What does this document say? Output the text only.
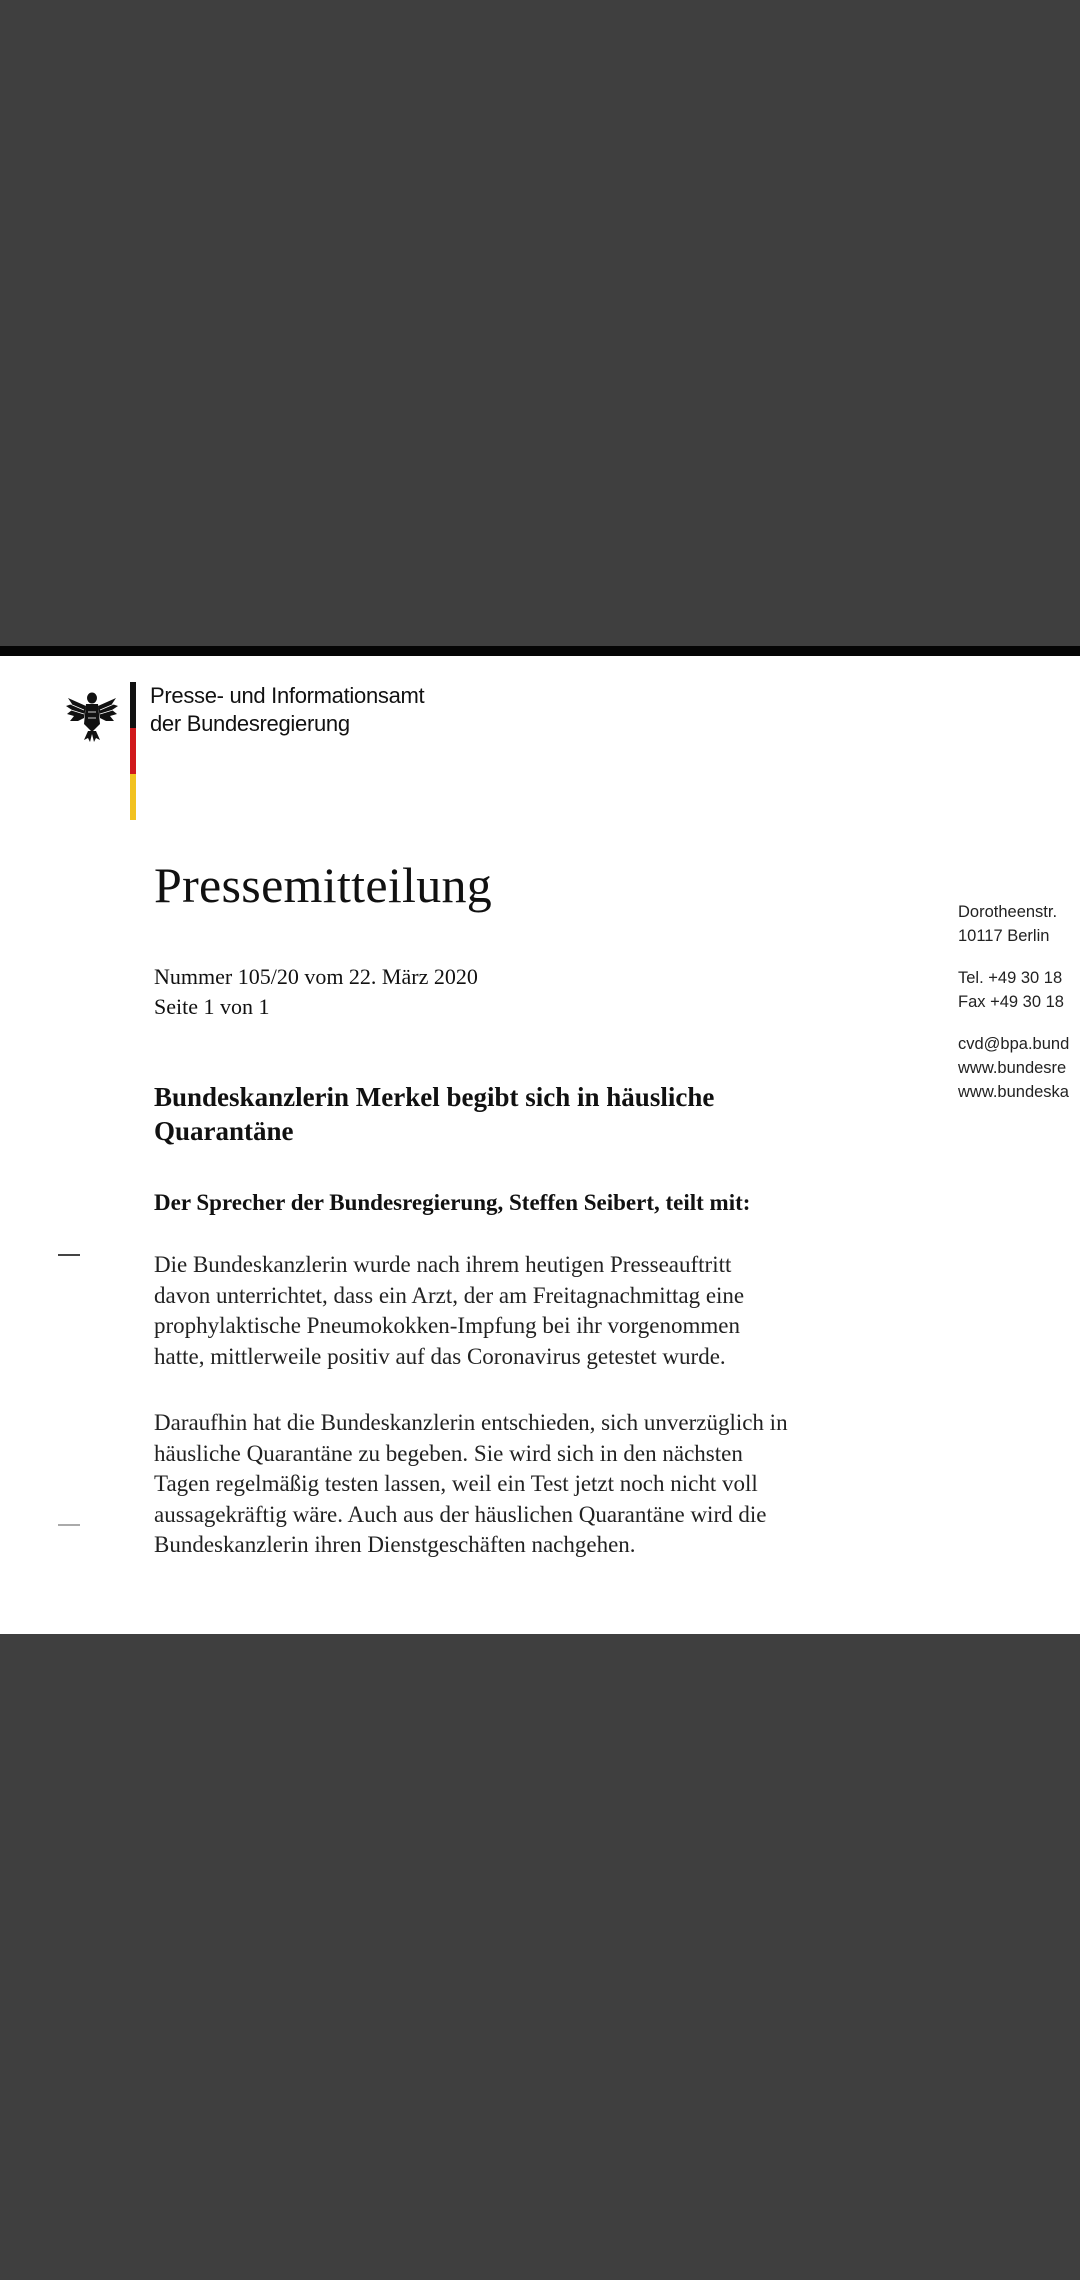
Presse- und Informationsamt
der Bundesregierung
Pressemitteilung
Nummer 105/20 vom 22. März 2020
Seite 1 von 1
Bundeskanzlerin Merkel begibt sich in häusliche
Quarantäne
Der Sprecher der Bundesregierung, Steffen Seibert, teilt mit:
Die Bundeskanzlerin wurde nach ihrem heutigen Presseauftritt
davon unterrichtet, dass ein Arzt, der am Freitagnachmittag eine
prophylaktische Pneumokokken-Impfung bei ihr vorgenommen
hatte, mittlerweile positiv auf das Coronavirus getestet wurde.
Daraufhin hat die Bundeskanzlerin entschieden, sich unverzüglich in
häusliche Quarantäne zu begeben. Sie wird sich in den nächsten
Tagen regelmäßig testen lassen, weil ein Test jetzt noch nicht voll
aussagekräftig wäre. Auch aus der häuslichen Quarantäne wird die
Bundeskanzlerin ihren Dienstgeschäften nachgehen.
Dorotheenstr.
10117 Berlin
Tel. +49 30 18
Fax +49 30 18
cvd@bpa.bund
www.bundesre
www.bundeska
